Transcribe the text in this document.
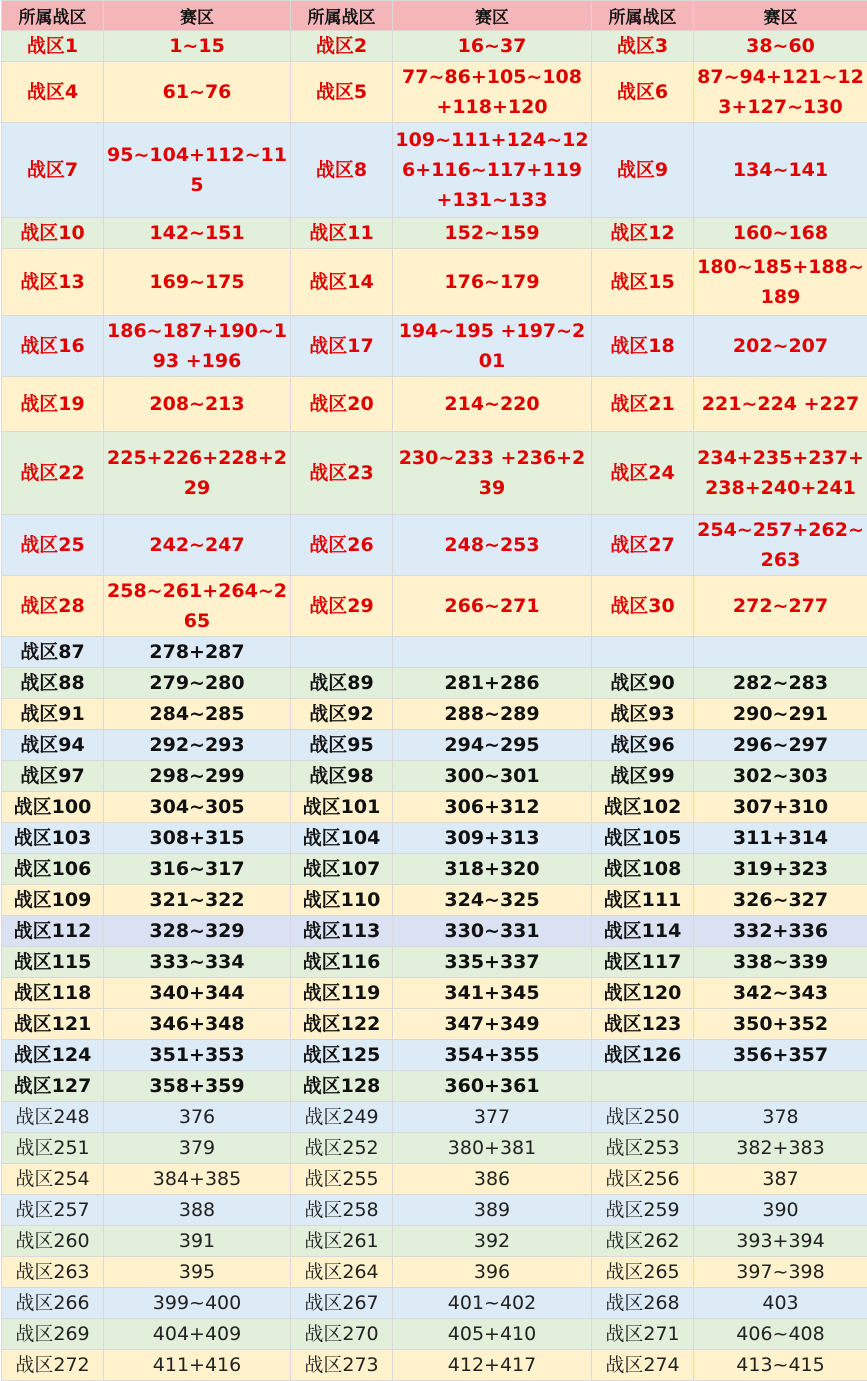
所属战区	赛区	所属战区	赛区	所属战区	赛区
战区1	1~15	战区2	16~37	战区3	38~60
战区4	61~76	战区5	77~86+105~108+118+120	战区6	87~94+121~123+127~130
战区7	95~104+112~115	战区8	109~111+124~126+116~117+119+131~133	战区9	134~141
战区10	142~151	战区11	152~159	战区12	160~168
战区13	169~175	战区14	176~179	战区15	180~185+188~189
战区16	186~187+190~193 +196	战区17	194~195 +197~201	战区18	202~207
战区19	208~213	战区20	214~220	战区21	221~224 +227
战区22	225+226+228+229	战区23	230~233 +236+239	战区24	234+235+237+238+240+241
战区25	242~247	战区26	248~253	战区27	254~257+262~263
战区28	258~261+264~265	战区29	266~271	战区30	272~277
战区87	278+287				
战区88	279~280	战区89	281+286	战区90	282~283
战区91	284~285	战区92	288~289	战区93	290~291
战区94	292~293	战区95	294~295	战区96	296~297
战区97	298~299	战区98	300~301	战区99	302~303
战区100	304~305	战区101	306+312	战区102	307+310
战区103	308+315	战区104	309+313	战区105	311+314
战区106	316~317	战区107	318+320	战区108	319+323
战区109	321~322	战区110	324~325	战区111	326~327
战区112	328~329	战区113	330~331	战区114	332+336
战区115	333~334	战区116	335+337	战区117	338~339
战区118	340+344	战区119	341+345	战区120	342~343
战区121	346+348	战区122	347+349	战区123	350+352
战区124	351+353	战区125	354+355	战区126	356+357
战区127	358+359	战区128	360+361		
战区248	376	战区249	377	战区250	378
战区251	379	战区252	380+381	战区253	382+383
战区254	384+385	战区255	386	战区256	387
战区257	388	战区258	389	战区259	390
战区260	391	战区261	392	战区262	393+394
战区263	395	战区264	396	战区265	397~398
战区266	399~400	战区267	401~402	战区268	403
战区269	404+409	战区270	405+410	战区271	406~408
战区272	411+416	战区273	412+417	战区274	413~415
